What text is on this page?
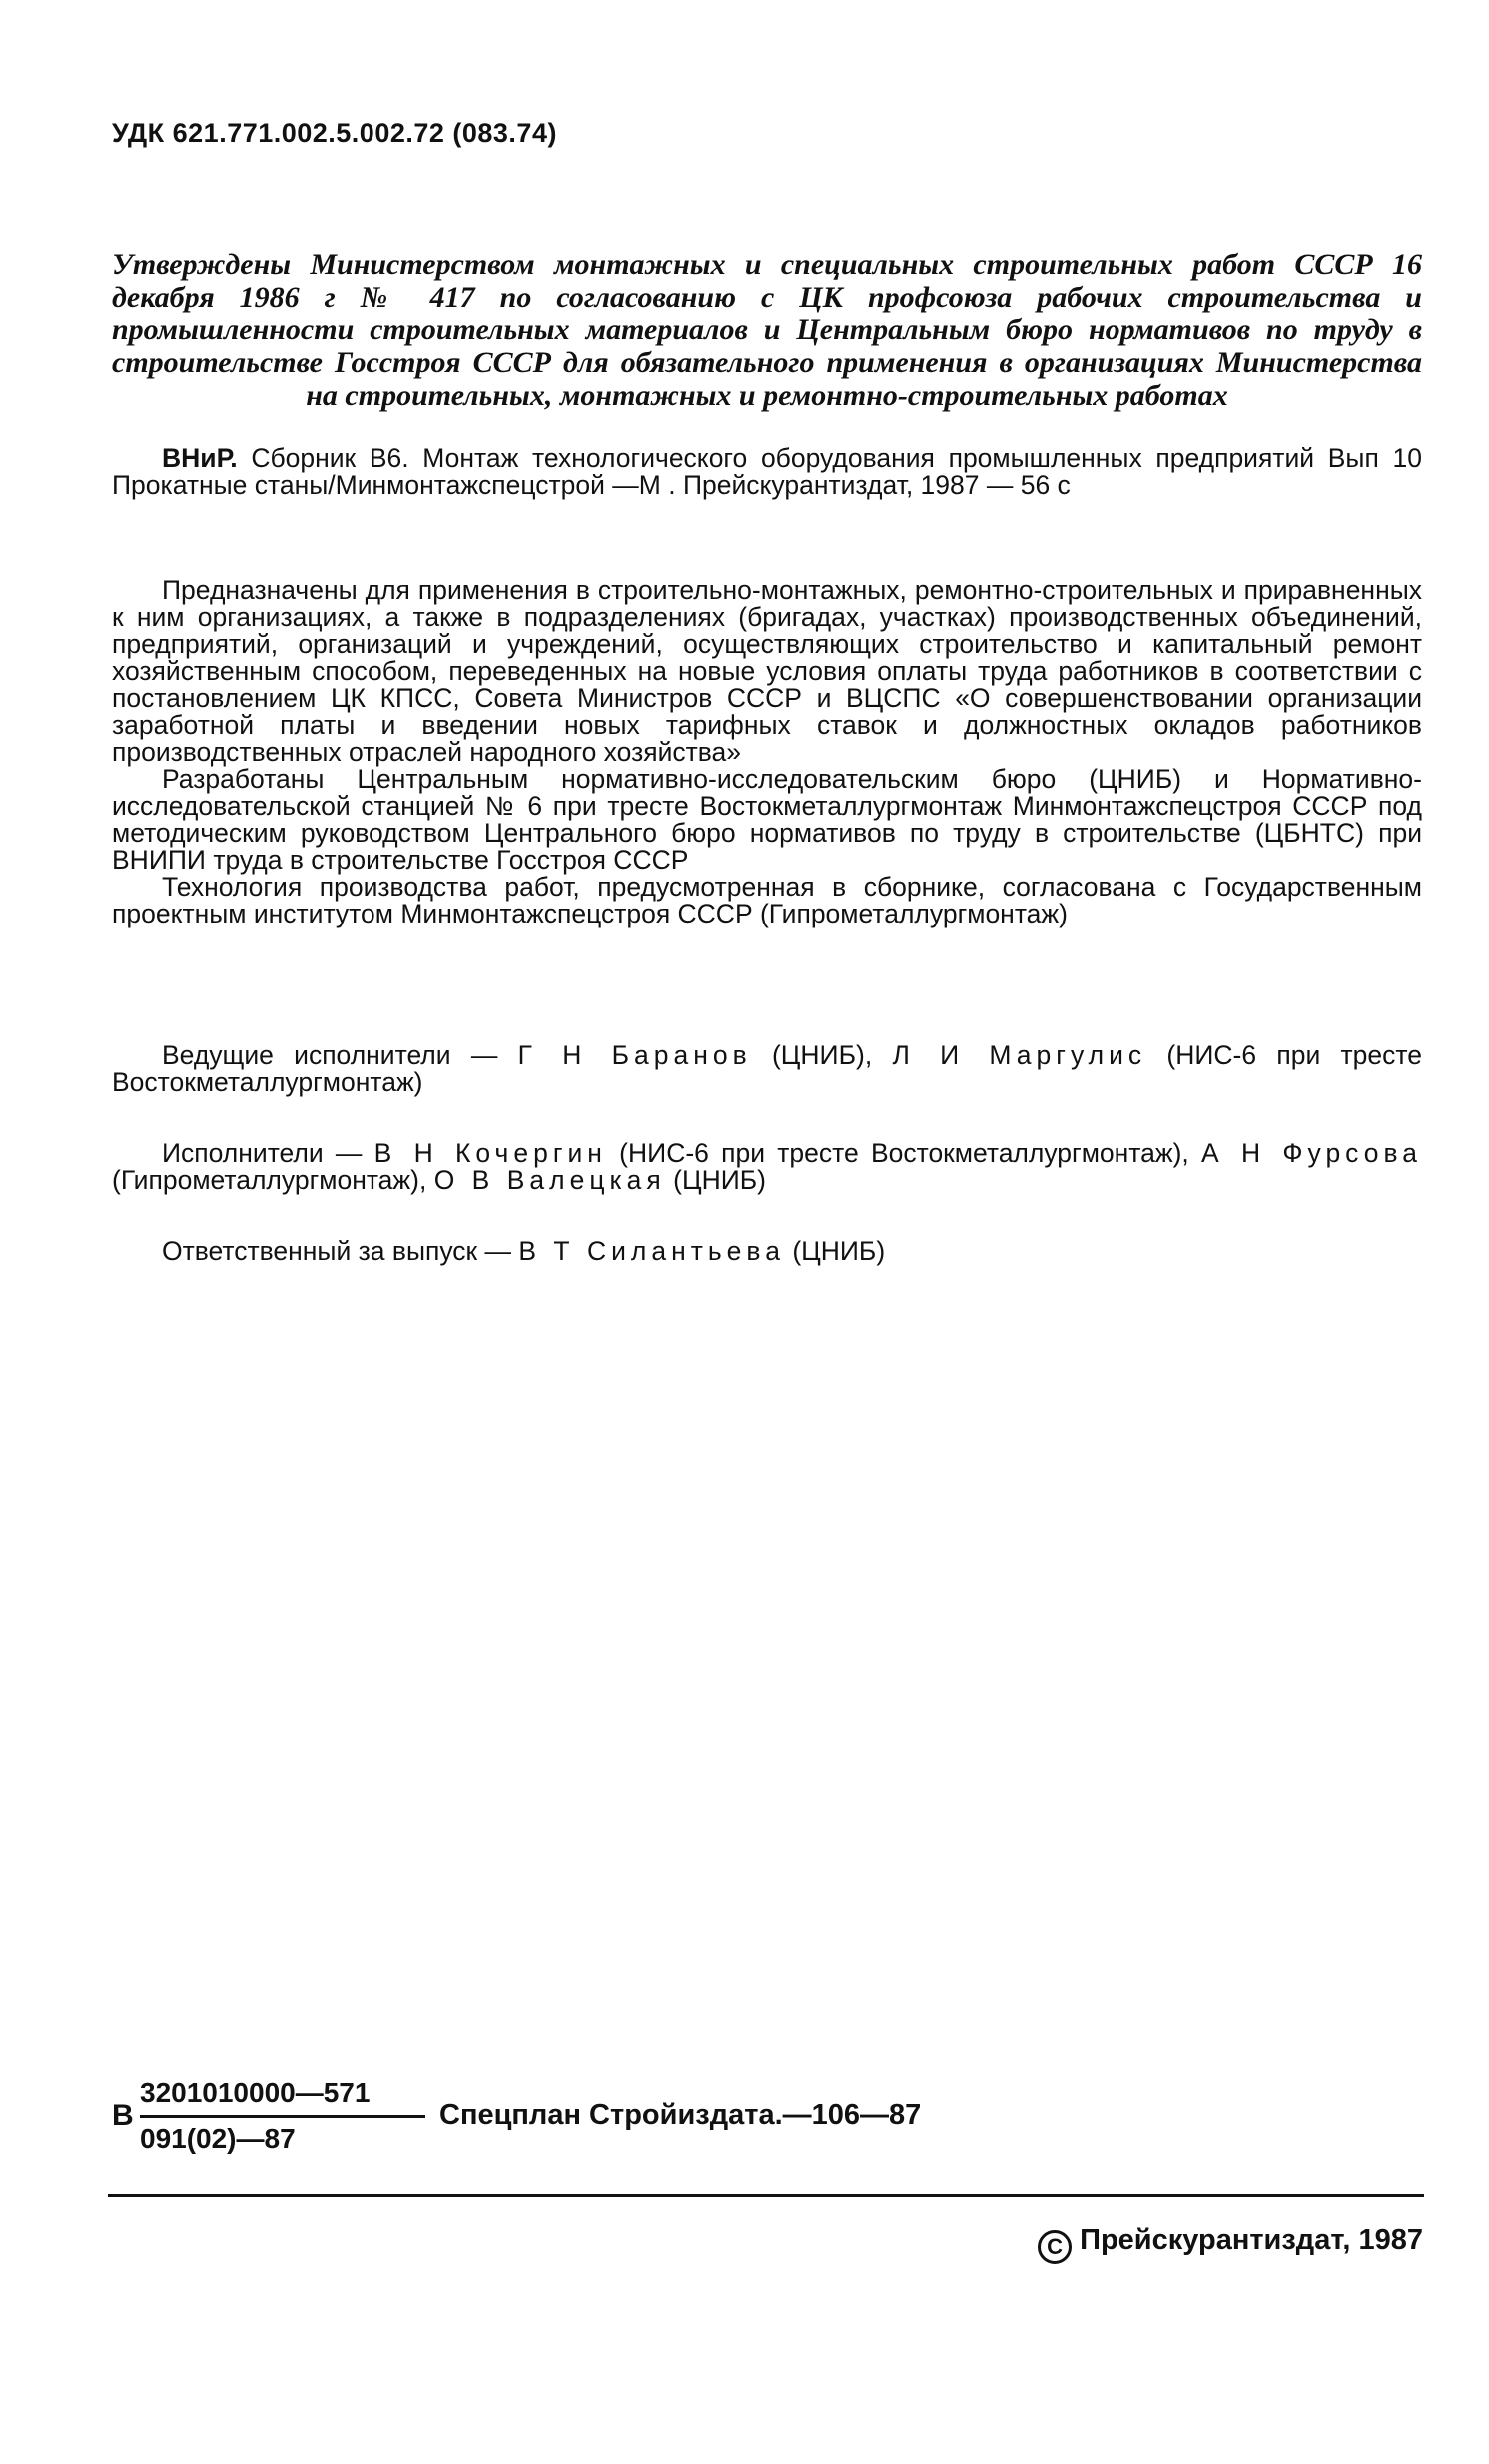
УДК 621.771.002.5.002.72 (083.74)
Утверждены Министерством монтажных и специальных строительных работ СССР 16 декабря 1986 г № 417 по согласованию с ЦК профсоюза рабочих строительства и промышленности строительных материалов и Центральным бюро нормативов по труду в строительстве Госстроя СССР для обязательного применения в организациях Министерства на строительных, монтажных и ремонтно-строительных работах
ВНиР. Сборник В6. Монтаж технологического оборудования промышленных предприятий Вып 10 Прокатные станы/Минмонтажспецстрой —М . Прейскурантиздат, 1987 — 56 с

Предназначены для применения в строительно-монтажных, ремонтно-строительных и приравненных к ним организациях, а также в подразделениях (бригадах, участках) производственных объединений, предприятий, организаций и учреждений, осуществляющих строительство и капитальный ремонт хозяйственным способом, переведенных на новые условия оплаты труда работников в соответствии с постановлением ЦК КПСС, Совета Министров СССР и ВЦСПС «О совершенствовании организации заработной платы и введении новых тарифных ставок и должностных окладов работников производственных отраслей народного хозяйства»

Разработаны Центральным нормативно-исследовательским бюро (ЦНИБ) и Нормативно-исследовательской станцией № 6 при тресте Востокметаллургмонтаж Минмонтажспецстроя СССР под методическим руководством Центрального бюро нормативов по труду в строительстве (ЦБНТС) при ВНИПИ труда в строительстве Госстроя СССР

Технология производства работ, предусмотренная в сборнике, согласована с Государственным проектным институтом Минмонтажспецстроя СССР (Гипрометаллургмонтаж)

Ведущие исполнители — Г Н Баранов (ЦНИБ), Л И Маргулис (НИС-6 при тресте Востокметаллургмонтаж)
Исполнители — В Н Кочергин (НИС-6 при тресте Востокметаллургмонтаж), А Н Фурсова (Гипрометаллургмонтаж), О В Валецкая (ЦНИБ)
Ответственный за выпуск — В Т Силантьева (ЦНИБ)
В
3201010000—571
091(02)—87
Спецплан Стройиздата.—106—87
C Прейскурантиздат, 1987
